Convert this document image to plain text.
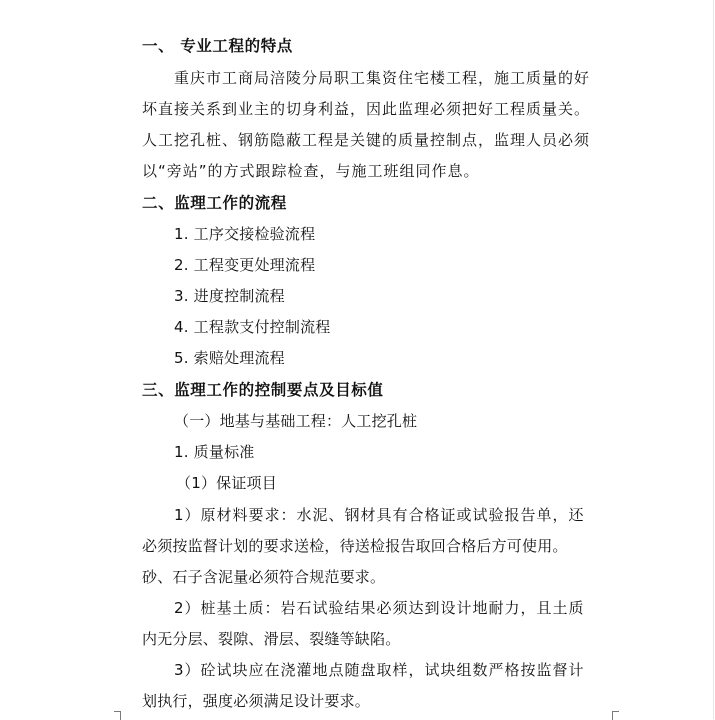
一、 专业工程的特点
重庆市工商局涪陵分局职工集资住宅楼工程，施工质量的好
坏直接关系到业主的切身利益，因此监理必须把好工程质量关。
人工挖孔桩、钢筋隐蔽工程是关键的质量控制点，监理人员必须
以“旁站”的方式跟踪检查，与施工班组同作息。
二、监理工作的流程
1. 工序交接检验流程
2. 工程变更处理流程
3. 进度控制流程
4. 工程款支付控制流程
5. 索赔处理流程
三、监理工作的控制要点及目标值
（一）地基与基础工程：人工挖孔桩
1. 质量标准
（1）保证项目
1）原材料要求：水泥、钢材具有合格证或试验报告单，还
必须按监督计划的要求送检，待送检报告取回合格后方可使用。
砂、石子含泥量必须符合规范要求。
2）桩基土质：岩石试验结果必须达到设计地耐力，且土质
内无分层、裂隙、滑层、裂缝等缺陷。
3）砼试块应在浇灌地点随盘取样，试块组数严格按监督计
划执行，强度必须满足设计要求。
